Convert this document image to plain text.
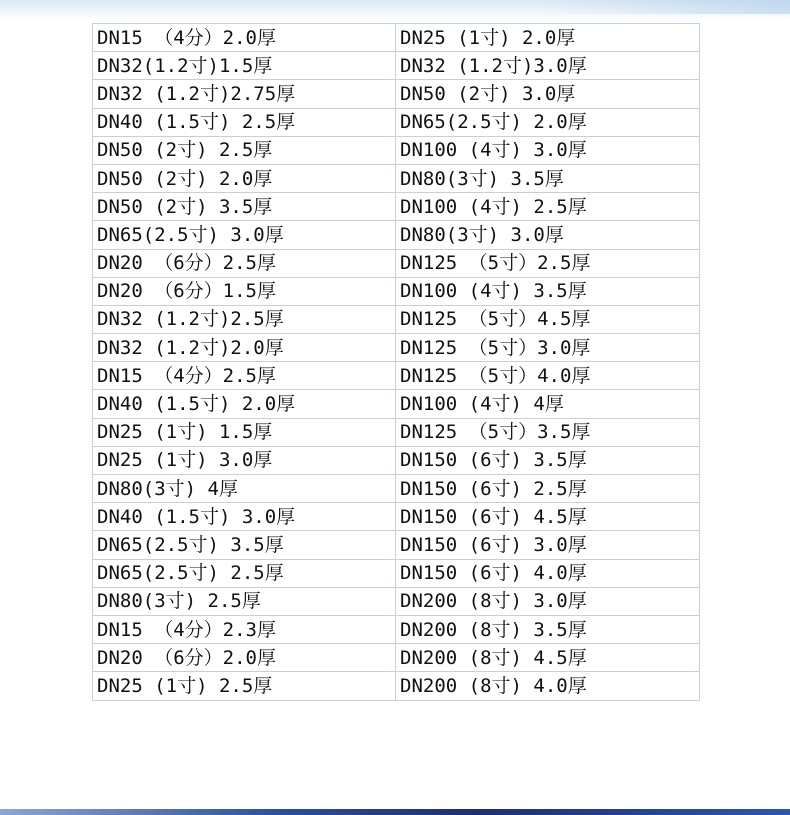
DN15 （4分）2.0厚	DN25 (1寸) 2.0厚
DN32(1.2寸)1.5厚	DN32 (1.2寸)3.0厚
DN32 (1.2寸)2.75厚	DN50 (2寸) 3.0厚
DN40 (1.5寸) 2.5厚	DN65(2.5寸) 2.0厚
DN50 (2寸) 2.5厚	DN100 (4寸) 3.0厚
DN50 (2寸) 2.0厚	DN80(3寸) 3.5厚
DN50 (2寸) 3.5厚	DN100 (4寸) 2.5厚
DN65(2.5寸) 3.0厚	DN80(3寸) 3.0厚
DN20 （6分）2.5厚	DN125 （5寸）2.5厚
DN20 （6分）1.5厚	DN100 (4寸) 3.5厚
DN32 (1.2寸)2.5厚	DN125 （5寸）4.5厚
DN32 (1.2寸)2.0厚	DN125 （5寸）3.0厚
DN15 （4分）2.5厚	DN125 （5寸）4.0厚
DN40 (1.5寸) 2.0厚	DN100 (4寸) 4厚
DN25 (1寸) 1.5厚	DN125 （5寸）3.5厚
DN25 (1寸) 3.0厚	DN150 (6寸) 3.5厚
DN80(3寸) 4厚	DN150 (6寸) 2.5厚
DN40 (1.5寸) 3.0厚	DN150 (6寸) 4.5厚
DN65(2.5寸) 3.5厚	DN150 (6寸) 3.0厚
DN65(2.5寸) 2.5厚	DN150 (6寸) 4.0厚
DN80(3寸) 2.5厚	DN200 (8寸) 3.0厚
DN15 （4分）2.3厚	DN200 (8寸) 3.5厚
DN20 （6分）2.0厚	DN200 (8寸) 4.5厚
DN25 (1寸) 2.5厚	DN200 (8寸) 4.0厚
